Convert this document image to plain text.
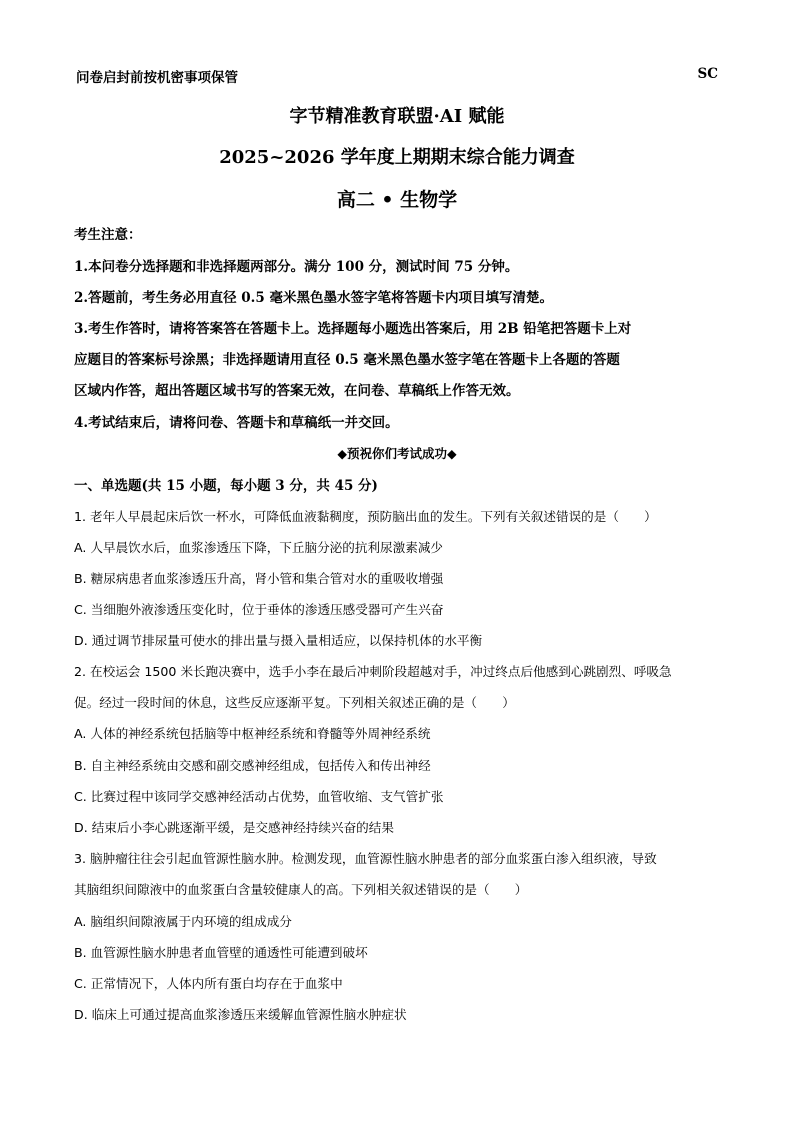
问卷启封前按机密事项保管	SC
字节精准教育联盟·AI 赋能
2025~2026 学年度上期期末综合能力调查
高二 • 生物学
考生注意：
1.本问卷分选择题和非选择题两部分。满分 100 分，测试时间 75 分钟。
2.答题前，考生务必用直径 0.5 毫米黑色墨水签字笔将答题卡内项目填写清楚。
3.考生作答时，请将答案答在答题卡上。选择题每小题选出答案后，用 2B 铅笔把答题卡上对
应题目的答案标号涂黑；非选择题请用直径 0.5 毫米黑色墨水签字笔在答题卡上各题的答题
区域内作答，超出答题区域书写的答案无效，在问卷、草稿纸上作答无效。
4.考试结束后，请将问卷、答题卡和草稿纸一并交回。
◆预祝你们考试成功◆
一、单选题(共 15 小题，每小题 3 分，共 45 分)
1. 老年人早晨起床后饮一杯水，可降低血液黏稠度，预防脑出血的发生。下列有关叙述错误的是（　　）
A. 人早晨饮水后，血浆渗透压下降，下丘脑分泌的抗利尿激素减少
B. 糖尿病患者血浆渗透压升高，肾小管和集合管对水的重吸收增强
C. 当细胞外液渗透压变化时，位于垂体的渗透压感受器可产生兴奋
D. 通过调节排尿量可使水的排出量与摄入量相适应，以保持机体的水平衡
2. 在校运会 1500 米长跑决赛中，选手小李在最后冲刺阶段超越对手，冲过终点后他感到心跳剧烈、呼吸急
促。经过一段时间的休息，这些反应逐渐平复。下列相关叙述正确的是（　　）
A. 人体的神经系统包括脑等中枢神经系统和脊髓等外周神经系统
B. 自主神经系统由交感和副交感神经组成，包括传入和传出神经
C. 比赛过程中该同学交感神经活动占优势，血管收缩、支气管扩张
D. 结束后小李心跳逐渐平缓，是交感神经持续兴奋的结果
3. 脑肿瘤往往会引起血管源性脑水肿。检测发现，血管源性脑水肿患者的部分血浆蛋白渗入组织液，导致
其脑组织间隙液中的血浆蛋白含量较健康人的高。下列相关叙述错误的是（　　）
A. 脑组织间隙液属于内环境的组成成分
B. 血管源性脑水肿患者血管壁的通透性可能遭到破坏
C. 正常情况下，人体内所有蛋白均存在于血浆中
D. 临床上可通过提高血浆渗透压来缓解血管源性脑水肿症状
